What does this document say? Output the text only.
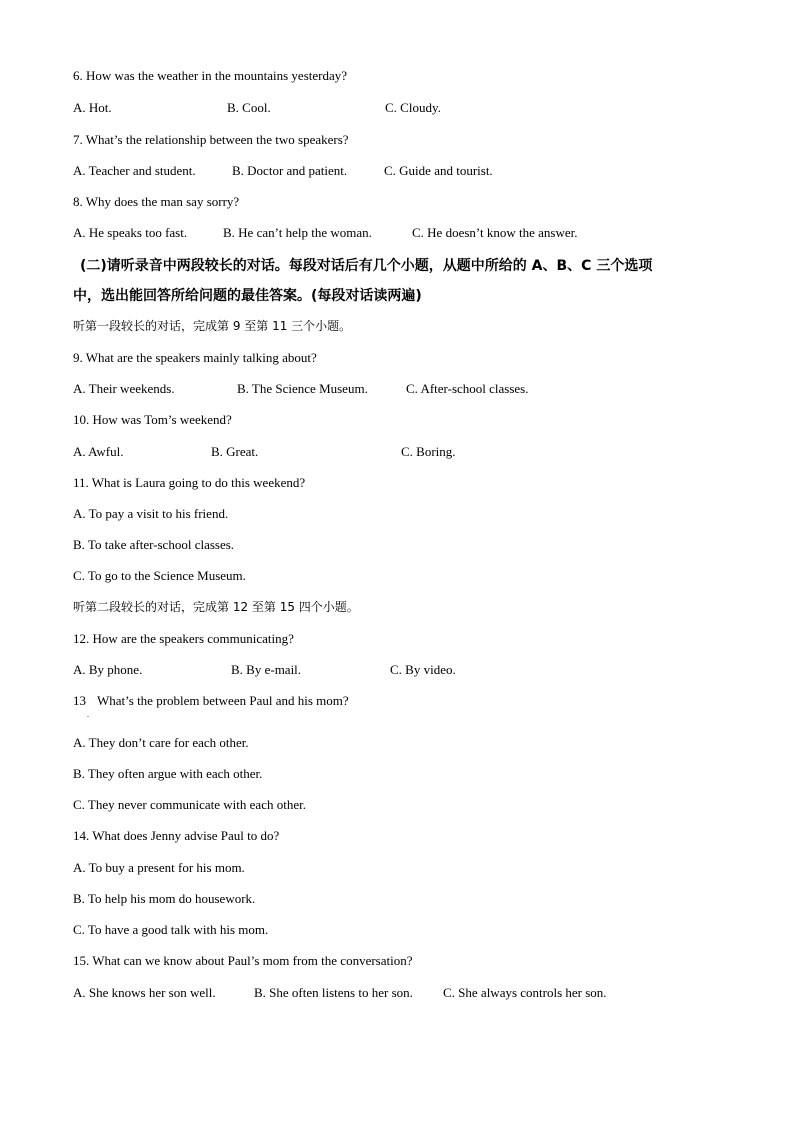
6. How was the weather in the mountains yesterday?
A. Hot.	B. Cool.	C. Cloudy.
7. What’s the relationship between the two speakers?
A. Teacher and student.	B. Doctor and patient.	C. Guide and tourist.
8. Why does the man say sorry?
A. He speaks too fast.	B. He can’t help the woman.	C. He doesn’t know the answer.
(二)请听录音中两段较长的对话。每段对话后有几个小题，从题中所给的 A、B、C 三个选项
中，选出能回答所给问题的最佳答案。(每段对话读两遍)
听第一段较长的对话，完成第 9 至第 11 三个小题。
9. What are the speakers mainly talking about?
A. Their weekends.	B. The Science Museum.	C. After-school classes.
10. How was Tom’s weekend?
A. Awful.	B. Great.	C. Boring.
11. What is Laura going to do this weekend?
A. To pay a visit to his friend.
B. To take after-school classes.
C. To go to the Science Museum.
听第二段较长的对话，完成第 12 至第 15 四个小题。
12. How are the speakers communicating?
A. By phone.	B. By e-mail.	C. By video.
13
.
What’s the problem between Paul and his mom?
A. They don’t care for each other.
B. They often argue with each other.
C. They never communicate with each other.
14. What does Jenny advise Paul to do?
A. To buy a present for his mom.
B. To help his mom do housework.
C. To have a good talk with his mom.
15. What can we know about Paul’s mom from the conversation?
A. She knows her son well.	B. She often listens to her son. C. She always controls her son.
